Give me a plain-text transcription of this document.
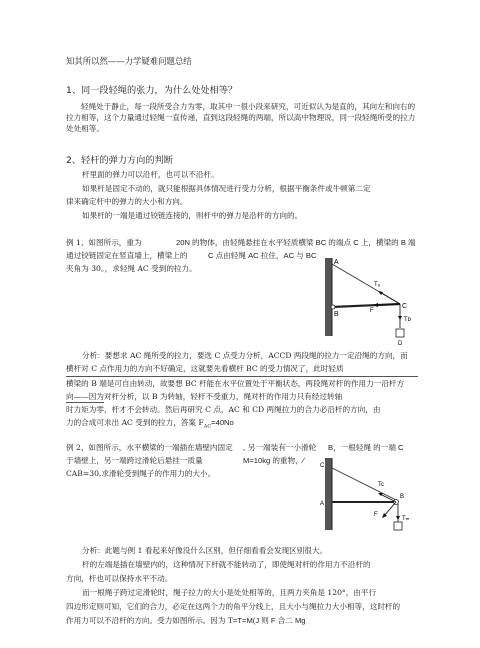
知其所以然——力学疑难问题总结
1、同一段轻绳的张力，为什么处处相等？
轻绳处于静止，每一段所受合力为零，取其中一很小段来研究，可近似认为是直的，其向左和向右的拉力相等，这个力量通过轻绳一直传递，直到这段轻绳的两端，所以高中物理说，同一段轻绳所受的拉力处处相等。
2、轻杆的弹力方向的判断
杆里面的弹力可以沿杆，也可以不沿杆。
如果杆是固定不动的，就只能根据具体情况进行受力分析，根据平衡条件或牛顿第二定
律来确定杆中的弹力的大小和方向。
如果杆的一端是通过铰链连接的，则杆中的弹力是沿杆的方向的。
例 1、如图所示，重为	20N 的物体，由轻绳悬挂在水平轻质横梁 BC 的端点 C 上，横梁的 B 端
通过铰链固定在竖直墙上，横梁上的	C 点由轻绳 AC 拉住，AC 与 BC
夹角为 30。，求轻绳 AC 受到的拉力。
A
B
C
F
Tₐ
Tᴅ
D
分析：要想求 AC 绳所受的拉力，要选 C 点受力分析，ACCD 两段绳的拉力一定沿绳的方向，而
横杆对 C 点作用力的方向不好确定，这就要先看横杆 BC 的受力情况了，此时轻质
横梁的 B 端是可自由转动，故要想 BC 杆能在水平位置处于平衡状态，两段绳对杆的作用力一沿杆方
向——因为对杆分析，以 B 为转轴，轻杆不受重力，绳对杆的作用力只有经过转轴
时力矩为零，杆才不会转动。然后再研究 C 点，AC 和 CD 两绳拉力的合力必沿杆的方向，由
力的合成可求出 AC 受到的拉力，答案 $F_{AC}=40No$
例 2、如图所示，水平横梁的一端插在墙壁内固定 , 另一端装有一小滑轮 B，一根轻绳 的一端 C
于墙壁上，另一端跨过滑轮后悬挂一质量	M=10kg 的重物，∕
CAB=30,求滑轮受到绳子的作用力的大小。
C
A
B
F
Tc
Tₘ
分析：此题与例 1 看起来好像没什么区别，但仔细看看会发现区别很大。
杆的左端是插在墙壁内的，这种情况下杆就不能转动了，即使绳对杆的作用力不沿杆的
方向，杆也可以保持水平不动。
而一根绳子跨过定滑轮时，绳子拉力的大小是处处相等的，且两力夹角是 120°，由平行
四边形定则可知，它们的合力，必定在这两个力的角平分线上，且大小与绳拉力大小相等，这时杆的
作用力可以不沿杆的方向。受力如图所示。因为 T=T=M(J 则 F 合二 Mg
